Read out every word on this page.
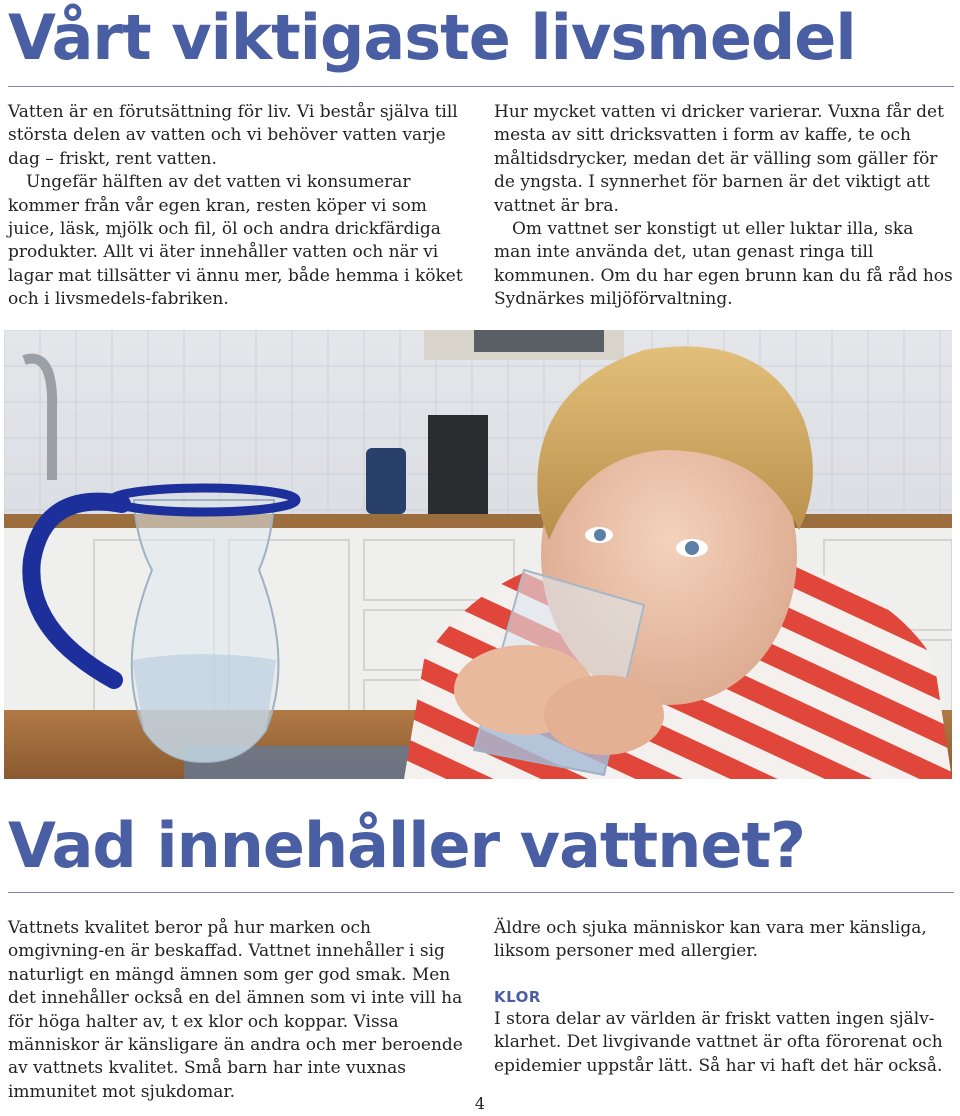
Vårt viktigaste livsmedel

Vatten är en förutsättning för liv. Vi består själva till största delen av vatten och vi behöver vatten varje dag – friskt, rent vatten.

Ungefär hälften av det vatten vi konsumerar kommer från vår egen kran, resten köper vi som juice, läsk, mjölk och fil, öl och andra drickfärdiga produkter. Allt vi äter innehåller vatten och när vi lagar mat tillsätter vi ännu mer, både hemma i köket och i livsmedels-fabriken.

Hur mycket vatten vi dricker varierar. Vuxna får det mesta av sitt dricksvatten i form av kaffe, te och måltidsdrycker, medan det är välling som gäller för de yngsta. I synnerhet för barnen är det viktigt att vattnet är bra.

Om vattnet ser konstigt ut eller luktar illa, ska man inte använda det, utan genast ringa till kommunen. Om du har egen brunn kan du få råd hos Sydnärkes miljöförvaltning.

Vad innehåller vattnet?

Vattnets kvalitet beror på hur marken och omgivning-en är beskaffad. Vattnet innehåller i sig naturligt en mängd ämnen som ger god smak. Men det innehåller också en del ämnen som vi inte vill ha för höga halter av, t ex klor och koppar. Vissa människor är känsligare än andra och mer beroende av vattnets kvalitet. Små barn har inte vuxnas immunitet mot sjukdomar.

Äldre och sjuka människor kan vara mer känsliga, liksom personer med allergier.

KLOR

I stora delar av världen är friskt vatten ingen själv-klarhet. Det livgivande vattnet är ofta förorenat och epidemier uppstår lätt. Så har vi haft det här också.

4
